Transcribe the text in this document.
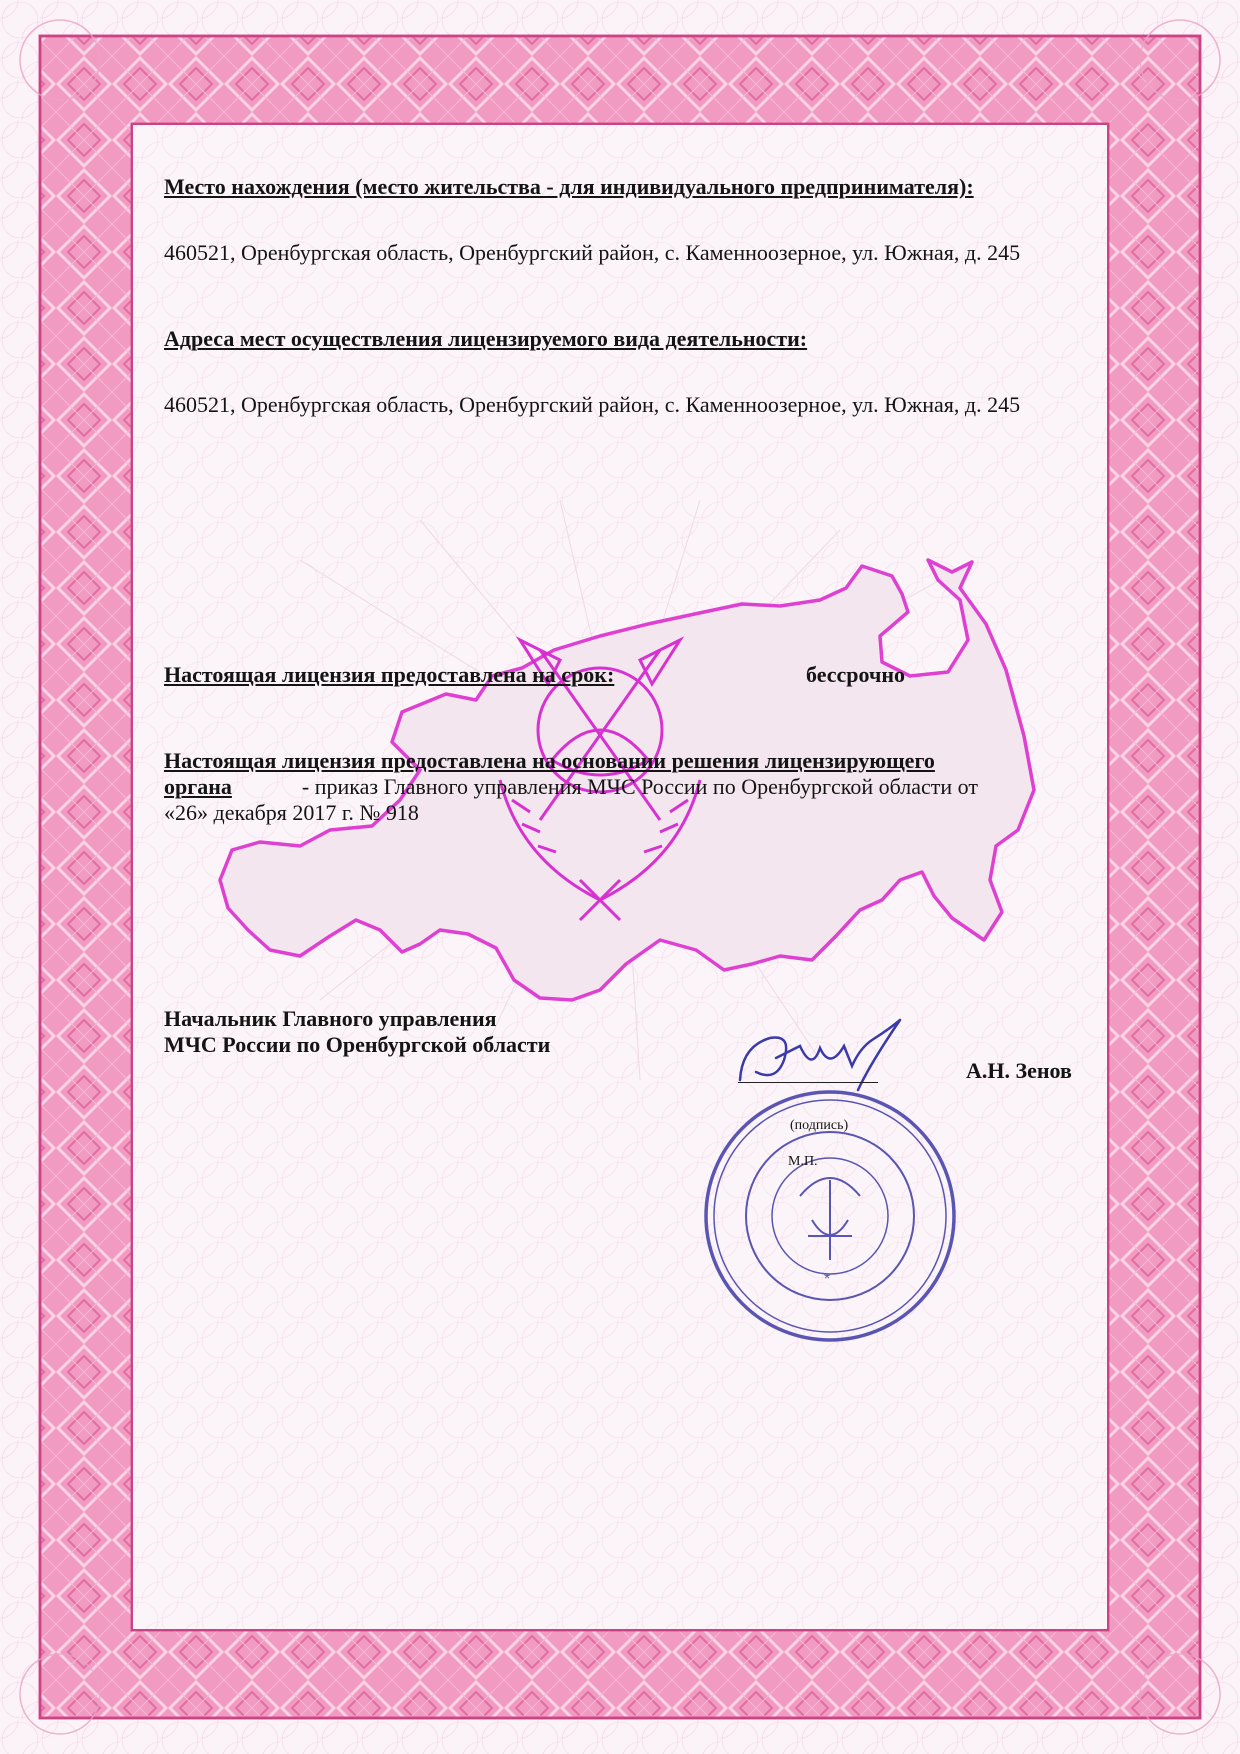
*
Место нахождения (место жительства - для индивидуального предпринимателя):
460521, Оренбургская область, Оренбургский район, с. Каменноозерное, ул. Южная, д. 245
Адреса мест осуществления лицензируемого вида деятельности:
460521, Оренбургская область, Оренбургский район, с. Каменноозерное, ул. Южная, д. 245
Настоящая лицензия предоставлена на срок:	бессрочно
Настоящая лицензия предоставлена на основании решения лицензирующего
органа	- приказ Главного управления МЧС России по Оренбургской области от
«26» декабря 2017 г. № 918
Начальник Главного управления
МЧС России по Оренбургской области
А.Н. Зенов
(подпись)
М.П.
